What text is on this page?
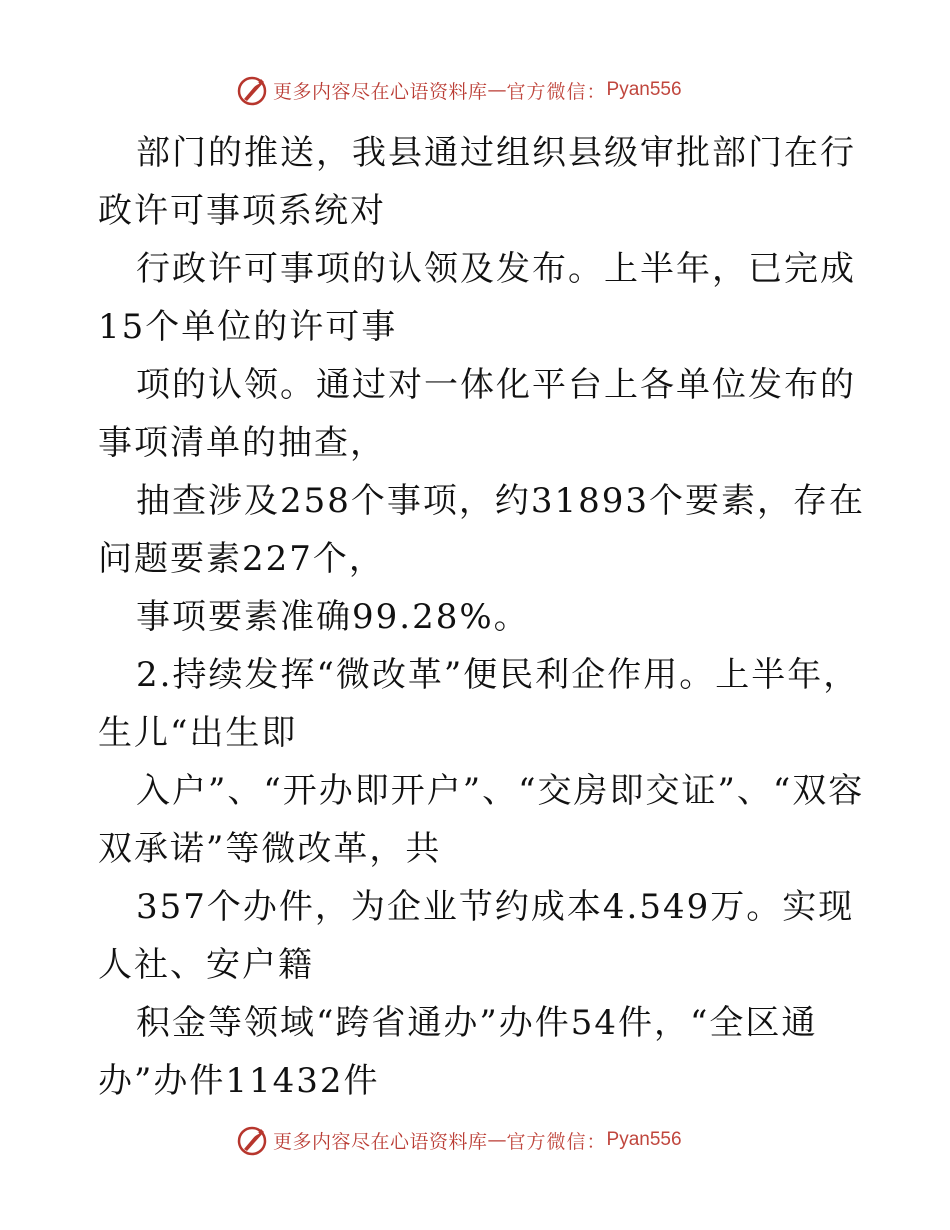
更多内容尽在心语资料库 — 官方微信： Pyan556

部门的推送，我县通过组织县级审批部门在行政许可事项系统对

行政许可事项的认领及发布。上半年，已完成15个单位的许可事

项的认领。通过对一体化平台上各单位发布的事项清单的抽查，

抽查涉及258个事项，约31893个要素，存在问题要素227个，

事项要素准确99.28%。

2.持续发挥“微改革”便民利企作用。上半年，生儿“出生即

入户”、“开办即开户”、“交房即交证”、“双容双承诺”等微改革，共

357个办件，为企业节约成本4.549万。实现人社、安户籍

积金等领域“跨省通办”办件54件，“全区通办”办件11432件

更多内容尽在心语资料库 — 官方微信： Pyan556
